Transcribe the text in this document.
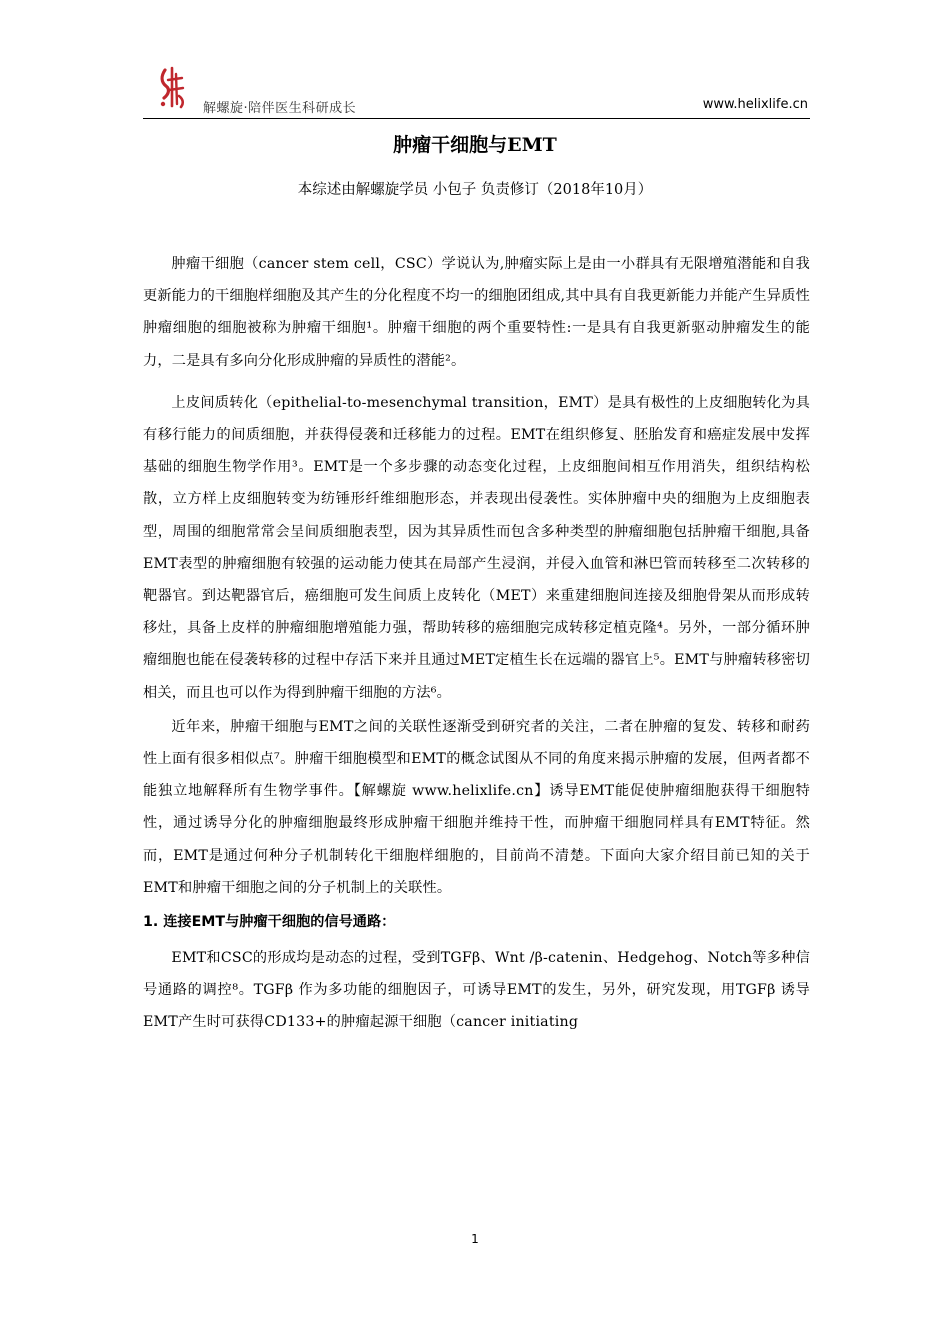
解螺旋·陪伴医生科研成长	www.helixlife.cn
肿瘤干细胞与EMT
本综述由解螺旋学员 小包子 负责修订（2018年10月）

肿瘤干细胞（cancer stem cell，CSC）学说认为,肿瘤实际上是由一小群具有无限增殖潜能和自我更新能力的干细胞样细胞及其产生的分化程度不均一的细胞团组成,其中具有自我更新能力并能产生异质性肿瘤细胞的细胞被称为肿瘤干细胞¹。肿瘤干细胞的两个重要特性:一是具有自我更新驱动肿瘤发生的能力，二是具有多向分化形成肿瘤的异质性的潜能²。

上皮间质转化（epithelial-to-mesenchymal transition，EMT）是具有极性的上皮细胞转化为具有移行能力的间质细胞，并获得侵袭和迁移能力的过程。EMT在组织修复、胚胎发育和癌症发展中发挥基础的细胞生物学作用³。EMT是一个多步骤的动态变化过程，上皮细胞间相互作用消失，组织结构松散，立方样上皮细胞转变为纺锤形纤维细胞形态，并表现出侵袭性。实体肿瘤中央的细胞为上皮细胞表型，周围的细胞常常会呈间质细胞表型，因为其异质性而包含多种类型的肿瘤细胞包括肿瘤干细胞,具备EMT表型的肿瘤细胞有较强的运动能力使其在局部产生浸润，并侵入血管和淋巴管而转移至二次转移的靶器官。到达靶器官后，癌细胞可发生间质上皮转化（MET）来重建细胞间连接及细胞骨架从而形成转移灶，具备上皮样的肿瘤细胞增殖能力强，帮助转移的癌细胞完成转移定植克隆⁴。另外，一部分循环肿瘤细胞也能在侵袭转移的过程中存活下来并且通过MET定植生长在远端的器官上⁵。EMT与肿瘤转移密切相关，而且也可以作为得到肿瘤干细胞的方法⁶。

近年来，肿瘤干细胞与EMT之间的关联性逐渐受到研究者的关注，二者在肿瘤的复发、转移和耐药性上面有很多相似点⁷。肿瘤干细胞模型和EMT的概念试图从不同的角度来揭示肿瘤的发展，但两者都不能独立地解释所有生物学事件。【解螺旋 www.helixlife.cn】诱导EMT能促使肿瘤细胞获得干细胞特性，通过诱导分化的肿瘤细胞最终形成肿瘤干细胞并维持干性，而肿瘤干细胞同样具有EMT特征。然而，EMT是通过何种分子机制转化干细胞样细胞的，目前尚不清楚。下面向大家介绍目前已知的关于EMT和肿瘤干细胞之间的分子机制上的关联性。

1. 连接EMT与肿瘤干细胞的信号通路：

EMT和CSC的形成均是动态的过程，受到TGFβ、Wnt /β-catenin、Hedgehog、Notch等多种信号通路的调控⁸。TGFβ 作为多功能的细胞因子，可诱导EMT的发生，另外，研究发现，用TGFβ 诱导EMT产生时可获得CD133+的肿瘤起源干细胞（cancer initiating

1
